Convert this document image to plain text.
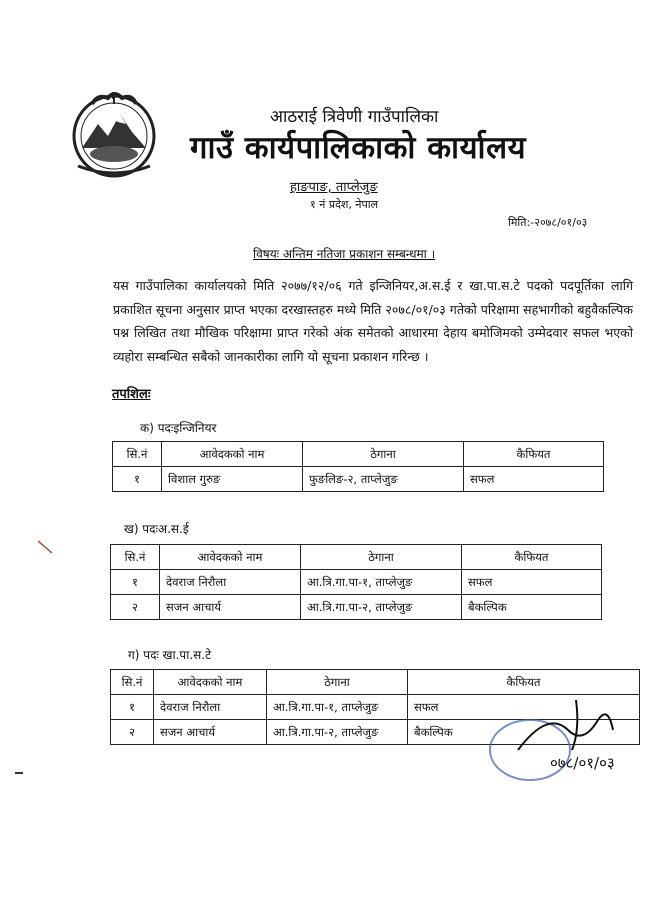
आठराई त्रिवेणी गाउँपालिका
गाउँ कार्यपालिकाको कार्यालय
हाङपाङ, ताप्लेजुङ
१ नं प्रदेश, नेपाल
मिति:-२०७८/०१/०३
विषयः अन्तिम नतिजा प्रकाशन सम्बन्धमा ।
यस गाउँपालिका कार्यालयको मिति २०७७/१२/०६ गते इन्जिनियर,अ.स.ई र खा.पा.स.टे पदको पदपूर्तिका लागि प्रकाशित सूचना अनुसार प्राप्त भएका दरखास्तहरु मध्ये मिति २०७८/०१/०३ गतेको परिक्षामा सहभागीको बहुवैकल्पिक पश्न लिखित तथा मौखिक परिक्षामा प्राप्त गरेको अंक समेतको आधारमा देहाय बमोजिमको उम्मेदवार सफल भएको व्यहोरा सम्बन्धित सबैको जानकारीका लागि यो सूचना प्रकाशन गरिन्छ ।
तपशिलः
क) पदःइन्जिनियर
सि.नं	आवेदकको नाम	ठेगाना	कैफियत
१	विशाल गुरुङ	फुङलिङ-२, ताप्लेजुङ	सफल
ख) पदःअ.स.ई
सि.नं	आवेदकको नाम	ठेगाना	कैफियत
१	देवराज निरौला	आ.त्रि.गा.पा-१, ताप्लेजुङ	सफल
२	सजन आचार्य	आ.त्रि.गा.पा-२, ताप्लेजुङ	बैकल्पिक
ग) पदः खा.पा.स.टे
सि.नं	आवेदकको नाम	ठेगाना	कैफियत
१	देवराज निरौला	आ.त्रि.गा.पा-१, ताप्लेजुङ	सफल
२	सजन आचार्य	आ.त्रि.गा.पा-२, ताप्लेजुङ	बैकल्पिक
०७८/०१/०३
